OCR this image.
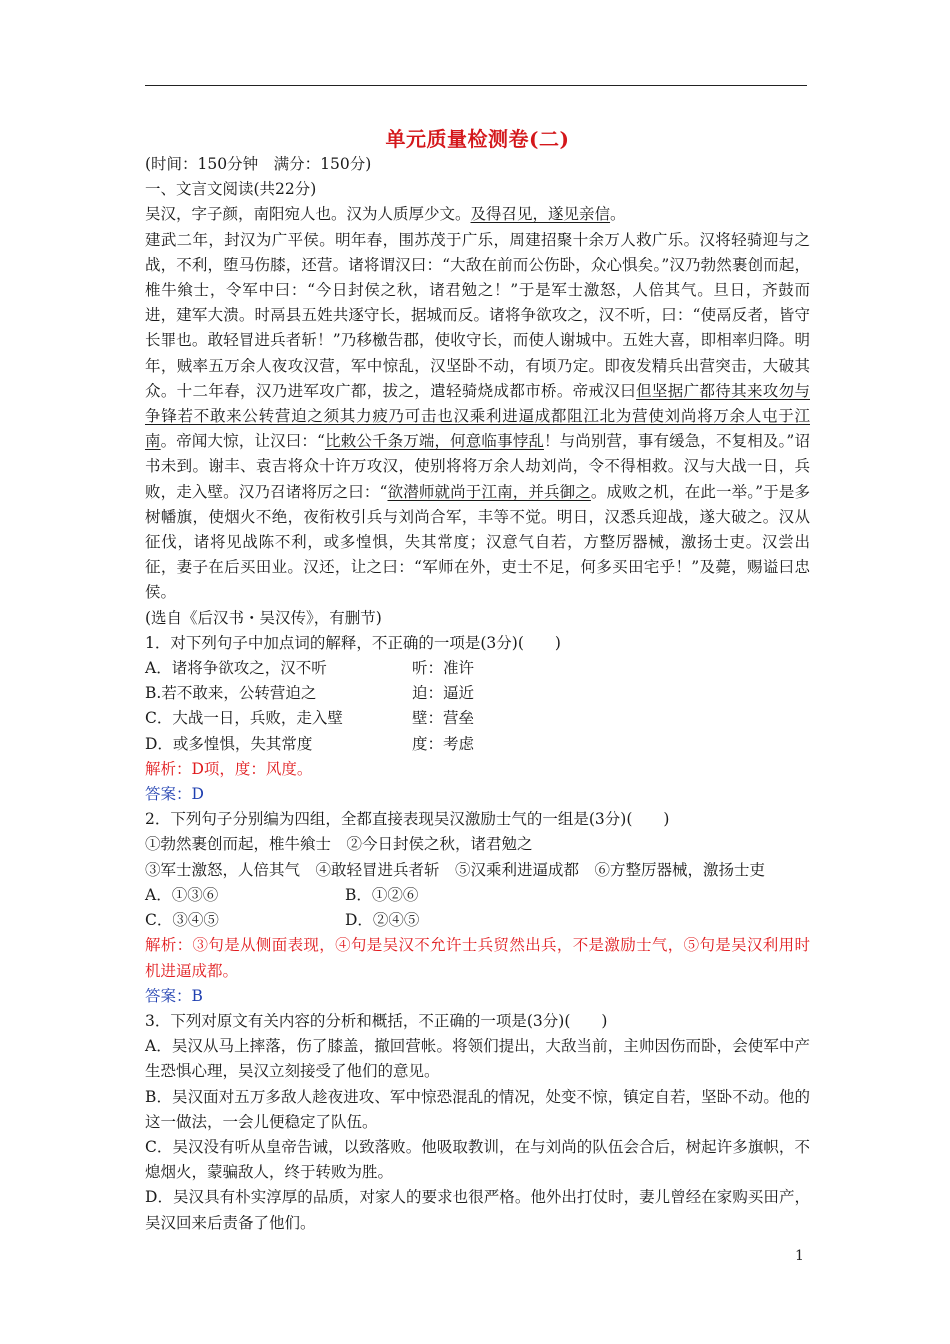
单元质量检测卷(二)
(时间：150分钟　满分：150分)
一、文言文阅读(共22分)
吴汉，字子颜，南阳宛人也。汉为人质厚少文。及得召见，遂见亲信。
建武二年，封汉为广平侯。明年春，围苏茂于广乐，周建招聚十余万人救广乐。汉将轻骑迎与之战，不利，堕马伤膝，还营。诸将谓汉曰：“大敌在前而公伤卧，众心惧矣。”汉乃勃然裹创而起，椎牛飨士，令军中曰：“今日封侯之秋，诸君勉之！”于是军士激怒，人倍其气。旦日，齐鼓而进，建军大溃。时鬲县五姓共逐守长，据城而反。诸将争欲攻之，汉不听，曰：“使鬲反者，皆守长罪也。敢轻冒进兵者斩！”乃移檄告郡，使收守长，而使人谢城中。五姓大喜，即相率归降。明年，贼率五万余人夜攻汉营，军中惊乱，汉坚卧不动，有顷乃定。即夜发精兵出营突击，大破其众。十二年春，汉乃进军攻广都，拔之，遣轻骑烧成都市桥。帝戒汉曰但坚据广都待其来攻勿与争锋若不敢来公转营迫之须其力疲乃可击也汉乘利进逼成都阻江北为营使刘尚将万余人屯于江南。帝闻大惊，让汉曰：“比敕公千条万端，何意临事悖乱！与尚别营，事有缓急，不复相及。”诏书未到。谢丰、袁吉将众十许万攻汉，使别将将万余人劫刘尚，令不得相救。汉与大战一日，兵败，走入壁。汉乃召诸将厉之曰：“欲潜师就尚于江南，并兵御之。成败之机，在此一举。”于是多树幡旗，使烟火不绝，夜衔枚引兵与刘尚合军，丰等不觉。明日，汉悉兵迎战，遂大破之。汉从征伐，诸将见战陈不利，或多惶惧，失其常度；汉意气自若，方整厉器械，激扬士吏。汉尝出征，妻子在后买田业。汉还，让之曰：“军师在外，吏士不足，何多买田宅乎！”及薨，赐谥曰忠侯。
(选自《后汉书・吴汉传》，有删节)
1．对下列句子中加点词的解释，不正确的一项是(3分)(　　)
A．诸将争欲攻之，汉不听	听：准许
B.若不敢来，公转营迫之	迫：逼近
C．大战一日，兵败，走入壁	壁：营垒
D．或多惶惧，失其常度	度：考虑
解析：D项，度：风度。
答案：D
2．下列句子分别编为四组，全都直接表现吴汉激励士气的一组是(3分)(　　)
①勃然裹创而起，椎牛飨士　②今日封侯之秋，诸君勉之
③军士激怒，人倍其气　④敢轻冒进兵者斩　⑤汉乘利进逼成都　⑥方整厉器械，激扬士吏
A．①③⑥	B．①②⑥
C．③④⑤	D．②④⑤
解析：③句是从侧面表现，④句是吴汉不允许士兵贸然出兵，不是激励士气，⑤句是吴汉利用时机进逼成都。
答案：B
3．下列对原文有关内容的分析和概括，不正确的一项是(3分)(　　)
A．吴汉从马上摔落，伤了膝盖，撤回营帐。将领们提出，大敌当前，主帅因伤而卧，会使军中产生恐惧心理，吴汉立刻接受了他们的意见。
B．吴汉面对五万多敌人趁夜进攻、军中惊恐混乱的情况，处变不惊，镇定自若，坚卧不动。他的这一做法，一会儿便稳定了队伍。
C．吴汉没有听从皇帝告诫，以致落败。他吸取教训，在与刘尚的队伍会合后，树起许多旗帜，不熄烟火，蒙骗敌人，终于转败为胜。
D．吴汉具有朴实淳厚的品质，对家人的要求也很严格。他外出打仗时，妻儿曾经在家购买田产，吴汉回来后责备了他们。
1
